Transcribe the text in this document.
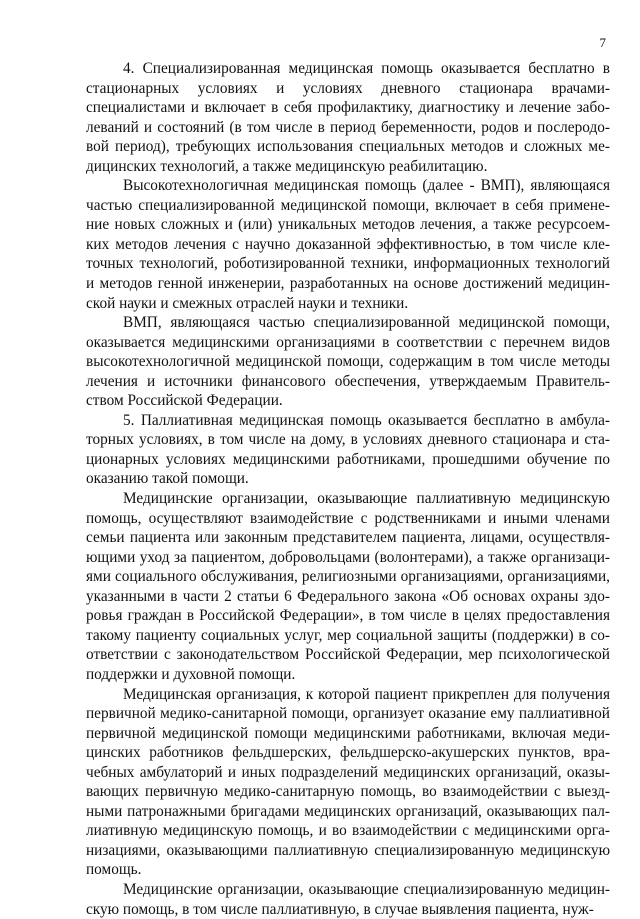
7

4. Специализированная медицинская помощь оказывается бесплатно в стационарных условиях и условиях дневного стационара врачами-специалистами и включает в себя профилактику, диагностику и лечение заболеваний и состояний (в том числе в период беременности, родов и послеродовой период), требующих использования специальных методов и сложных медицинских технологий, а также медицинскую реабилитацию.

Высокотехнологичная медицинская помощь (далее - ВМП), являющаяся частью специализированной медицинской помощи, включает в себя применение новых сложных и (или) уникальных методов лечения, а также ресурсоемких методов лечения с научно доказанной эффективностью, в том числе клеточных технологий, роботизированной техники, информационных технологий и методов генной инженерии, разработанных на основе достижений медицинской науки и смежных отраслей науки и техники.

ВМП, являющаяся частью специализированной медицинской помощи, оказывается медицинскими организациями в соответствии с перечнем видов высокотехнологичной медицинской помощи, содержащим в том числе методы лечения и источники финансового обеспечения, утверждаемым Правительством Российской Федерации.

5. Паллиативная медицинская помощь оказывается бесплатно в амбулаторных условиях, в том числе на дому, в условиях дневного стационара и стационарных условиях медицинскими работниками, прошедшими обучение по оказанию такой помощи.

Медицинские организации, оказывающие паллиативную медицинскую помощь, осуществляют взаимодействие с родственниками и иными членами семьи пациента или законным представителем пациента, лицами, осуществляющими уход за пациентом, добровольцами (волонтерами), а также организациями социального обслуживания, религиозными организациями, организациями, указанными в части 2 статьи 6 Федерального закона «Об основах охраны здоровья граждан в Российской Федерации», в том числе в целях предоставления такому пациенту социальных услуг, мер социальной защиты (поддержки) в соответствии с законодательством Российской Федерации, мер психологической поддержки и духовной помощи.

Медицинская организация, к которой пациент прикреплен для получения первичной медико-санитарной помощи, организует оказание ему паллиативной первичной медицинской помощи медицинскими работниками, включая медицинских работников фельдшерских, фельдшерско-акушерских пунктов, врачебных амбулаторий и иных подразделений медицинских организаций, оказывающих первичную медико-санитарную помощь, во взаимодействии с выездными патронажными бригадами медицинских организаций, оказывающих паллиативную медицинскую помощь, и во взаимодействии с медицинскими организациями, оказывающими паллиативную специализированную медицинскую помощь.

Медицинские организации, оказывающие специализированную медицинскую помощь, в том числе паллиативную, в случае выявления пациента, нуж-
